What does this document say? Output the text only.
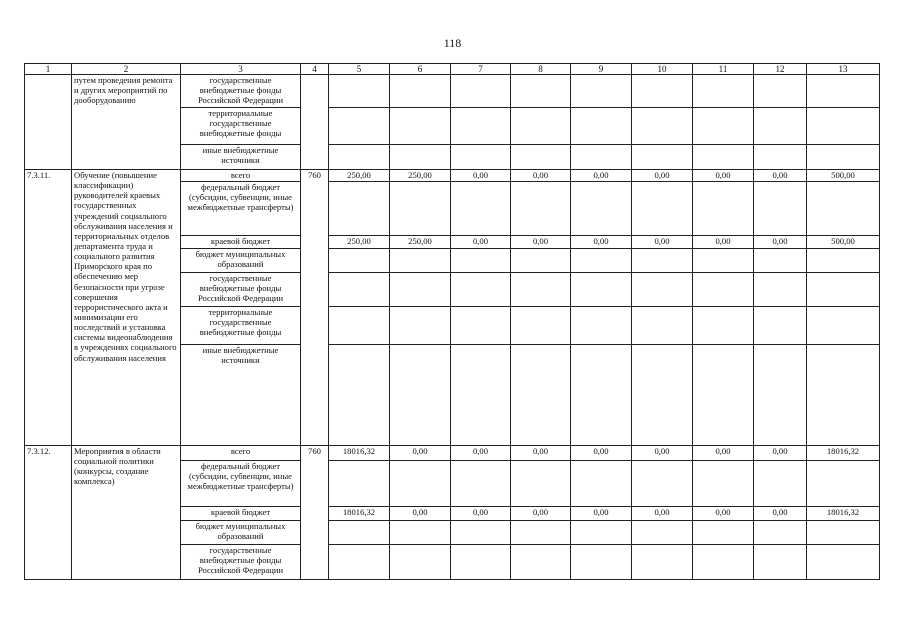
118
1	2	3	4	5	6	7	8	9	10	11	12	13
	путем проведения ремонта и других мероприятий по дооборудованию	государственные внебюджетные фонды Российской Федерации										
		территориальные государственные внебюджетные фонды										
		иные внебюджетные источники										
7.3.11.	Обучение (повышение классификации) руководителей краевых государственных учреждений социального обслуживания населения и территориальных отделов департамента труда и социального развития Приморского края по обеспечению мер безопасности при угрозе совершения террористического акта и минимизации его последствий и установка системы видеонаблюдения в учреждениях социального обслуживания населения	всего	760	250,00	250,00	0,00	0,00	0,00	0,00	0,00	0,00	500,00
		федеральный бюджет (субсидии, субвенции, иные межбюджетные трансферты)										
		краевой бюджет		250,00	250,00	0,00	0,00	0,00	0,00	0,00	0,00	500,00
		бюджет муниципальных образований										
		государственные внебюджетные фонды Российской Федерации										
		территориальные государственные внебюджетные фонды										
		иные внебюджетные источники										
7.3.12.	Мероприятия в области социальной политики (конкурсы, создание комплекса)	всего	760	18016,32	0,00	0,00	0,00	0,00	0,00	0,00	0,00	18016,32
		федеральный бюджет (субсидии, субвенции, иные межбюджетные трансферты)										
		краевой бюджет		18016,32	0,00	0,00	0,00	0,00	0,00	0,00	0,00	18016,32
		бюджет муниципальных образований										
		государственные внебюджетные фонды Российской Федерации										
